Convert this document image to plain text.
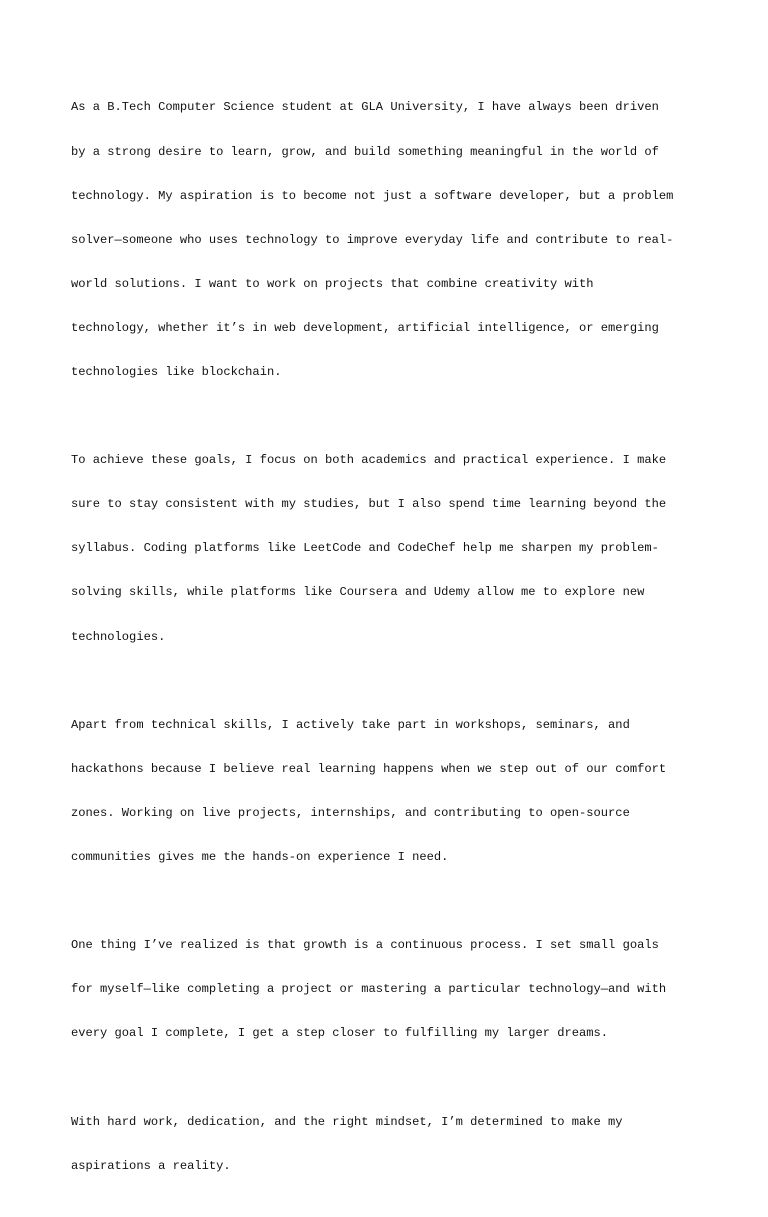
As a B.Tech Computer Science student at GLA University, I have always been driven

by a strong desire to learn, grow, and build something meaningful in the world of

technology. My aspiration is to become not just a software developer, but a problem

solver—someone who uses technology to improve everyday life and contribute to real-

world solutions. I want to work on projects that combine creativity with

technology, whether it’s in web development, artificial intelligence, or emerging

technologies like blockchain.

To achieve these goals, I focus on both academics and practical experience. I make

sure to stay consistent with my studies, but I also spend time learning beyond the

syllabus. Coding platforms like LeetCode and CodeChef help me sharpen my problem-

solving skills, while platforms like Coursera and Udemy allow me to explore new

technologies.

Apart from technical skills, I actively take part in workshops, seminars, and

hackathons because I believe real learning happens when we step out of our comfort

zones. Working on live projects, internships, and contributing to open-source

communities gives me the hands-on experience I need.

One thing I’ve realized is that growth is a continuous process. I set small goals

for myself—like completing a project or mastering a particular technology—and with

every goal I complete, I get a step closer to fulfilling my larger dreams.

With hard work, dedication, and the right mindset, I’m determined to make my

aspirations a reality.
